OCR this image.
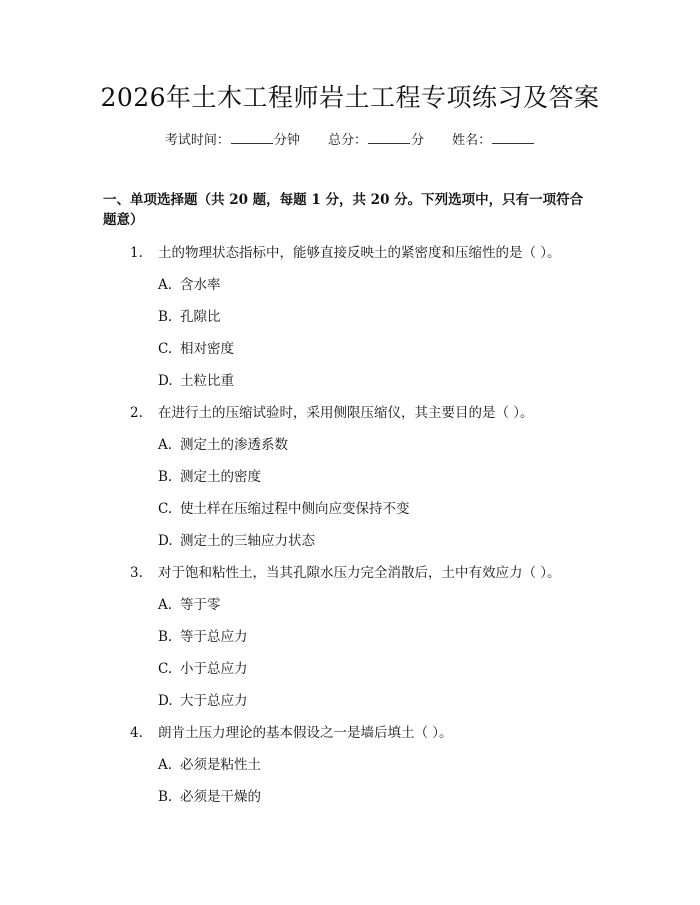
2026年土木工程师岩土工程专项练习及答案
考试时间：	分钟 总分：	分 姓名：

一、单项选择题（共 20 题，每题 1 分，共 20 分。下列选项中，只有一项符合题意）

1. 土的物理状态指标中，能够直接反映土的紧密度和压缩性的是（ ）。
A. 含水率
B. 孔隙比
C. 相对密度
D. 土粒比重
2. 在进行土的压缩试验时，采用侧限压缩仪，其主要目的是（ ）。
A. 测定土的渗透系数
B. 测定土的密度
C. 使土样在压缩过程中侧向应变保持不变
D. 测定土的三轴应力状态
3. 对于饱和粘性土，当其孔隙水压力完全消散后，土中有效应力（ ）。
A. 等于零
B. 等于总应力
C. 小于总应力
D. 大于总应力
4. 朗肯土压力理论的基本假设之一是墙后填土（ ）。
A. 必须是粘性土
B. 必须是干燥的
